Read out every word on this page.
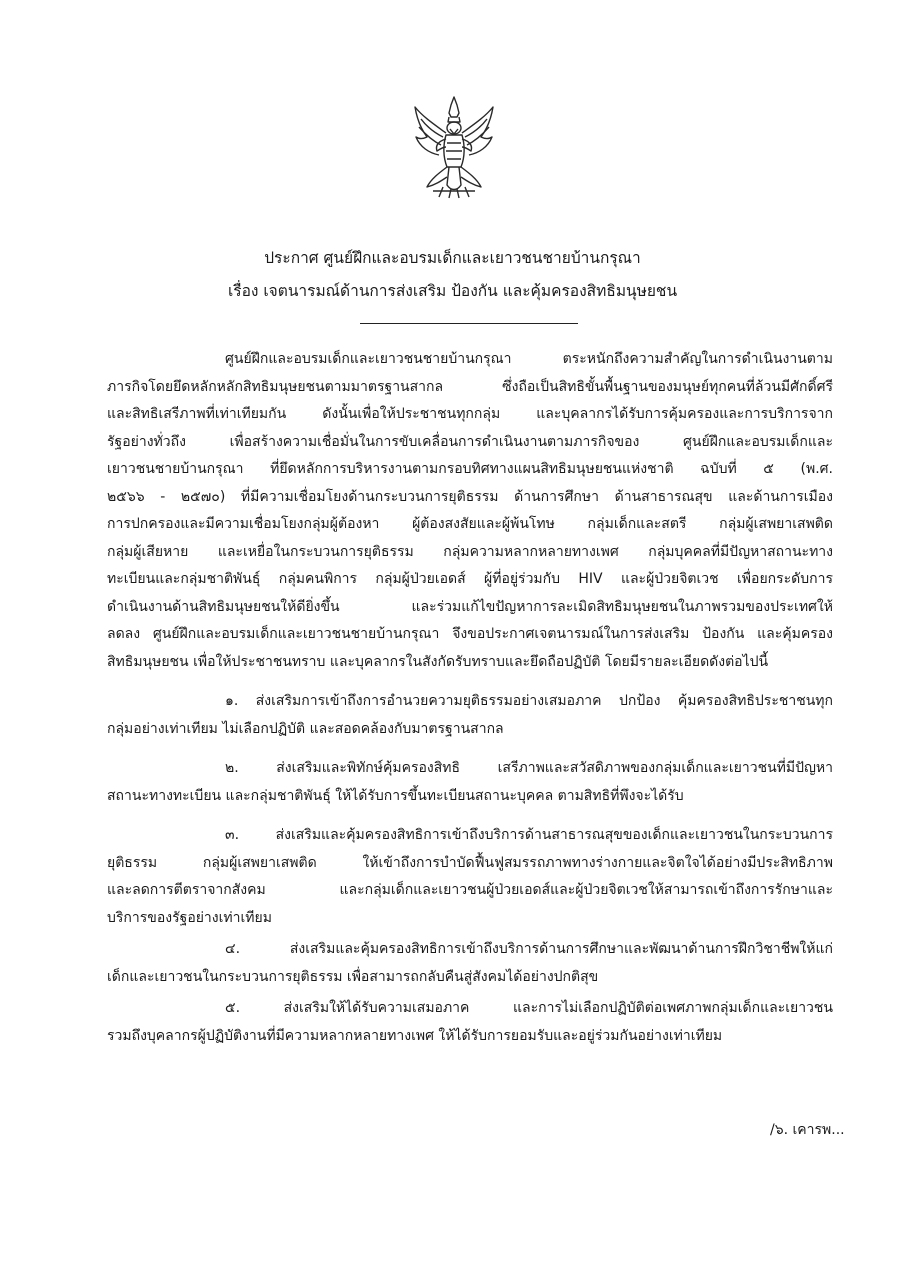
ประกาศ ศูนย์ฝึกและอบรมเด็กและเยาวชนชายบ้านกรุณา
เรื่อง เจตนารมณ์ด้านการส่งเสริม ป้องกัน และคุ้มครองสิทธิมนุษยชน
ศูนย์ฝึกและอบรมเด็กและเยาวชนชายบ้านกรุณา ตระหนักถึงความสำคัญในการดำเนินงานตาม
ภารกิจโดยยึดหลักหลักสิทธิมนุษยชนตามมาตรฐานสากล ซึ่งถือเป็นสิทธิขั้นพื้นฐานของมนุษย์ทุกคนที่ล้วนมีศักดิ์ศรี
และสิทธิเสรีภาพที่เท่าเทียมกัน ดังนั้นเพื่อให้ประชาชนทุกกลุ่ม และบุคลากรได้รับการคุ้มครองและการบริการจาก
รัฐอย่างทั่วถึง เพื่อสร้างความเชื่อมั่นในการขับเคลื่อนการดำเนินงานตามภารกิจของ ศูนย์ฝึกและอบรมเด็กและ
เยาวชนชายบ้านกรุณา ที่ยึดหลักการบริหารงานตามกรอบทิศทางแผนสิทธิมนุษยชนแห่งชาติ ฉบับที่ ๕ (พ.ศ.
๒๕๖๖ - ๒๕๗๐) ที่มีความเชื่อมโยงด้านกระบวนการยุติธรรม ด้านการศึกษา ด้านสาธารณสุข และด้านการเมือง
การปกครองและมีความเชื่อมโยงกลุ่มผู้ต้องหา ผู้ต้องสงสัยและผู้พ้นโทษ กลุ่มเด็กและสตรี กลุ่มผู้เสพยาเสพติด
กลุ่มผู้เสียหาย และเหยื่อในกระบวนการยุติธรรม กลุ่มความหลากหลายทางเพศ กลุ่มบุคคลที่มีปัญหาสถานะทาง
ทะเบียนและกลุ่มชาติพันธุ์ กลุ่มคนพิการ กลุ่มผู้ป่วยเอดส์ ผู้ที่อยู่ร่วมกับ HIV และผู้ป่วยจิตเวช เพื่อยกระดับการ
ดำเนินงานด้านสิทธิมนุษยชนให้ดียิ่งขึ้น และร่วมแก้ไขปัญหาการละเมิดสิทธิมนุษยชนในภาพรวมของประเทศให้
ลดลง ศูนย์ฝึกและอบรมเด็กและเยาวชนชายบ้านกรุณา จึงขอประกาศเจตนารมณ์ในการส่งเสริม ป้องกัน และคุ้มครอง
สิทธิมนุษยชน เพื่อให้ประชาชนทราบ และบุคลากรในสังกัดรับทราบและยึดถือปฏิบัติ โดยมีรายละเอียดดังต่อไปนี้
๑. ส่งเสริมการเข้าถึงการอำนวยความยุติธรรมอย่างเสมอภาค ปกป้อง คุ้มครองสิทธิประชาชนทุก
กลุ่มอย่างเท่าเทียม ไม่เลือกปฏิบัติ และสอดคล้องกับมาตรฐานสากล
๒. ส่งเสริมและพิทักษ์คุ้มครองสิทธิ เสรีภาพและสวัสดิภาพของกลุ่มเด็กและเยาวชนที่มีปัญหา
สถานะทางทะเบียน และกลุ่มชาติพันธุ์ ให้ได้รับการขึ้นทะเบียนสถานะบุคคล ตามสิทธิที่พึงจะได้รับ
๓. ส่งเสริมและคุ้มครองสิทธิการเข้าถึงบริการด้านสาธารณสุขของเด็กและเยาวชนในกระบวนการ
ยุติธรรม กลุ่มผู้เสพยาเสพติด ให้เข้าถึงการบำบัดฟื้นฟูสมรรถภาพทางร่างกายและจิตใจได้อย่างมีประสิทธิภาพ
และลดการตีตราจากสังคม และกลุ่มเด็กและเยาวชนผู้ป่วยเอดส์และผู้ป่วยจิตเวชให้สามารถเข้าถึงการรักษาและ
บริการของรัฐอย่างเท่าเทียม
๔. ส่งเสริมและคุ้มครองสิทธิการเข้าถึงบริการด้านการศึกษาและพัฒนาด้านการฝึกวิชาชีพให้แก่
เด็กและเยาวชนในกระบวนการยุติธรรม เพื่อสามารถกลับคืนสู่สังคมได้อย่างปกติสุข
๕. ส่งเสริมให้ได้รับความเสมอภาค และการไม่เลือกปฏิบัติต่อเพศภาพกลุ่มเด็กและเยาวชน
รวมถึงบุคลากรผู้ปฏิบัติงานที่มีความหลากหลายทางเพศ ให้ได้รับการยอมรับและอยู่ร่วมกันอย่างเท่าเทียม
/๖. เคารพ...
